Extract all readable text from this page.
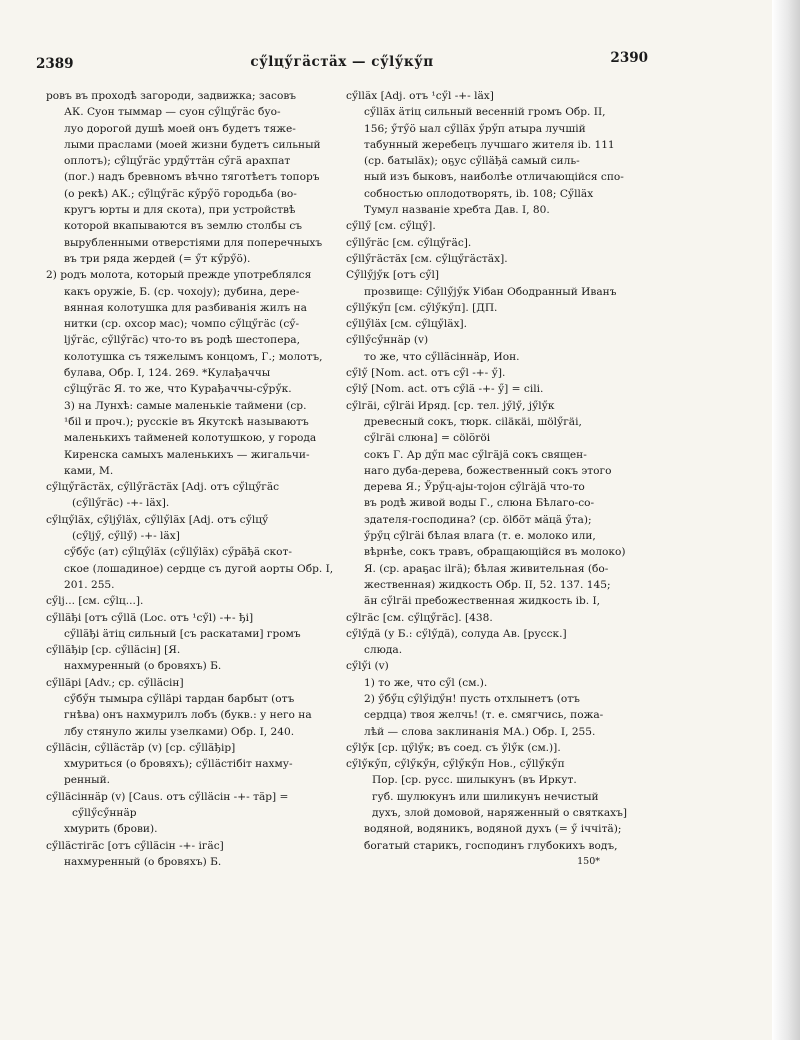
2389	сӳlцӳгӓстӓх — сӳlӳкӳп	2390
ровъ въ проходѣ загороди, задвижка; засовъ
АК. Суон тыммар — суон сӳlцӳгӓс буо-
луо дорогой душѣ моей онъ будетъ тяже-
лыми праслами (моей жизни будетъ сильный
оплотъ); сӳlцӳгӓс урдӳттӓн сӳгӓ арахпат
(пог.) надъ бревномъ вѣчно тяготѣетъ топоръ
(о рекѣ) АК.; сӳlцӳгӓс кӳрӳӧ городьба (во-
кругъ юрты и для скота), при устройствѣ
которой вкапываются въ землю столбы съ
вырубленными отверстіями для поперечныхъ
въ три ряда жердей (= ӳт кӳрӳӧ).
2) родъ молота, который прежде употреблялся
какъ оружіе, Б. (ср. чохоjу); дубина, дере-
вянная колотушка для разбиванія жилъ на
нитки (ср. охсор мас); чомпо сӳlцӳгӓс (сӳ-
lјӳгӓс, сӳllӳгӓс) что-то въ родѣ шестопера,
колотушка съ тяжелымъ концомъ, Г.; молотъ,
булава, Обр. I, 124. 269. *Кулађаччы
сӳlцӳгӓс Я. то же, что Курађаччы-сӳрӳк.
3) на Лунхѣ: самые маленькіе таймени (ср.
¹бil и проч.); русскіе въ Якутскѣ называютъ
маленькихъ тайменей колотушкою, у города
Киренска самыхъ маленькихъ — жигальчи-
ками, М.
сӳlцӳгӓстӓх, сӳllӳгӓстӓх [Adj. отъ сӳlцӳгӓс
(сӳllӳгӓс) -+- lӓх].
сӳlцӳlӓх, сӳlјӳlӓх, сӳllӳlӓх [Adj. отъ сӳlцӳ
(сӳlјӳ, сӳllӳ) -+- lӓх]
сӳбӳс (ат) сӳlцӳlӓх (сӳllӳlӓх) сӳрӓђӓ скот-
ское (лошадиное) сердце съ дугой аорты Обр. I,
201. 255.
сӳlј... [см. сӳlц...].
сӳllӓђi [отъ сӳllӓ (Loc. отъ ¹сӳl) -+- ђi]
сӳllӓђi ӓтiц сильный [съ раскатами] громъ
сӳllӓђiр [ср. сӳllӓсiн] [Я.
нахмуренный (о бровяхъ) Б.
сӳllӓрi [Adv.; ср. сӳllӓсiн]
сӳбӳн тымыра сӳllӓрi тардан барбыт (отъ
гнѣва) онъ нахмурилъ лобъ (букв.: у него на
лбу стянуло жилы узелками) Обр. I, 240.
сӳllӓсiн, сӳllӓстӓр (v) [ср. сӳllӓђiр]
хмуриться (о бровяхъ); сӳllӓстiбiт нахму-
ренный.
сӳllӓсiннӓр (v) [Caus. отъ сӳllӓсiн -+- тӓр] =
сӳllӳсӳннӓр
хмурить (брови).
сӳllӓстiгӓс [отъ сӳllӓсiн -+- iгӓс]
нахмуренный (о бровяхъ) Б.
сӳllӓх [Adj. отъ ¹сӳl -+- lӓх]
сӳllӓх ӓтiц сильный весенній громъ Обр. II,
156; ӳтӳӧ ыал сӳllӓх ӳрӳп атыра лучшій
табунный жеребецъ лучшаго жителя ib. 111
(ср. батыlӓх); оҕус сӳllӓђӓ самый силь-
ный изъ быковъ, наиболѣе отличающійся спо-
собностью оплодотворять, ib. 108; Сӳllӓх
Тумул названіе хребта Дав. I, 80.
сӳllӳ [см. сӳlцӳ].
сӳllӳгӓс [см. сӳlцӳгӓс].
сӳllӳгӓстӓх [см. сӳlцӳгӓстӓх].
Сӳllӳјӳк [отъ сӳl]
прозвище: Сӳllӳјӳк Уiбан Ободранный Иванъ
сӳllӳкӳп [см. сӳlӳкӳп]. [ДП.
сӳllӳlӓх [см. сӳlцӳlӓх].
сӳllӳсӳннӓр (v)
то же, что сӳllӓсiннӓр, Ион.
сӳlӳ [Nom. act. отъ сӳl -+- ӳ].
сӳlӳ [Nom. act. отъ сӳlӓ -+- ӳ] = сili.
сӳlгӓi, сӳlгӓi Иряд. [ср. тел. јӳlӳ, јӳlӳк
древесный сокъ, тюрк. сiläкäi, шölӳгäi,
сӳlгӓi слюна] = сölӧröi
сокъ Г. Ар дӳп мас сӳlгӓjӓ сокъ священ-
наго дуба-дерева, божественный сокъ этого
дерева Я.; Ӳрӳц-ајы-тојон сӳlгӓјӓ что-то
въ родѣ живой воды Г., слюна Бѣлаго-со-
здателя-господина? (ср. ölбӧт мӓцӓ ӳта);
ӳрӳц сӳlгӓi бѣлая влага (т. е. молоко или,
вѣрнѣе, сокъ травъ, обращающійся въ молоко)
Я. (ср. араҕас ilгӓ); бѣлая живительная (бо-
жественная) жидкость Обр. II, 52. 137. 145;
ӓн сӳlгӓi пребожественная жидкость ib. I,
сӳlгӓс [см. сӳlцӳгӓс]. [438.
сӳlӳдӓ (у Б.: сӳlӳдӓ), солуда Ав. [русск.]
слюда.
сӳlӳi (v)
1) то же, что сӳl (см.).
2) ӳбӳц сӳlӳiдӳн! пусть отхлынетъ (отъ
сердца) твоя желчь! (т. е. смягчись, пожа-
лѣй — слова заклинанія МА.) Обр. I, 255.
сӳlӳк [ср. цӳlӳк; въ соед. съ ӳlӳк (см.)].
сӳlӳкӳп, сӳlӳкӳн, сӳlӳкӳп Нов., сӳllӳкӳп
Пор. [ср. русс. шилыкунъ (въ Иркут.
губ. шулюкунъ или шиликунъ нечистый
духъ, злой домовой, наряженный о святкахъ]
водяной, водяникъ, водяной духъ (= ӳ iччiтӓ);
богатый старикъ, господинъ глубокихъ водъ,
150*
